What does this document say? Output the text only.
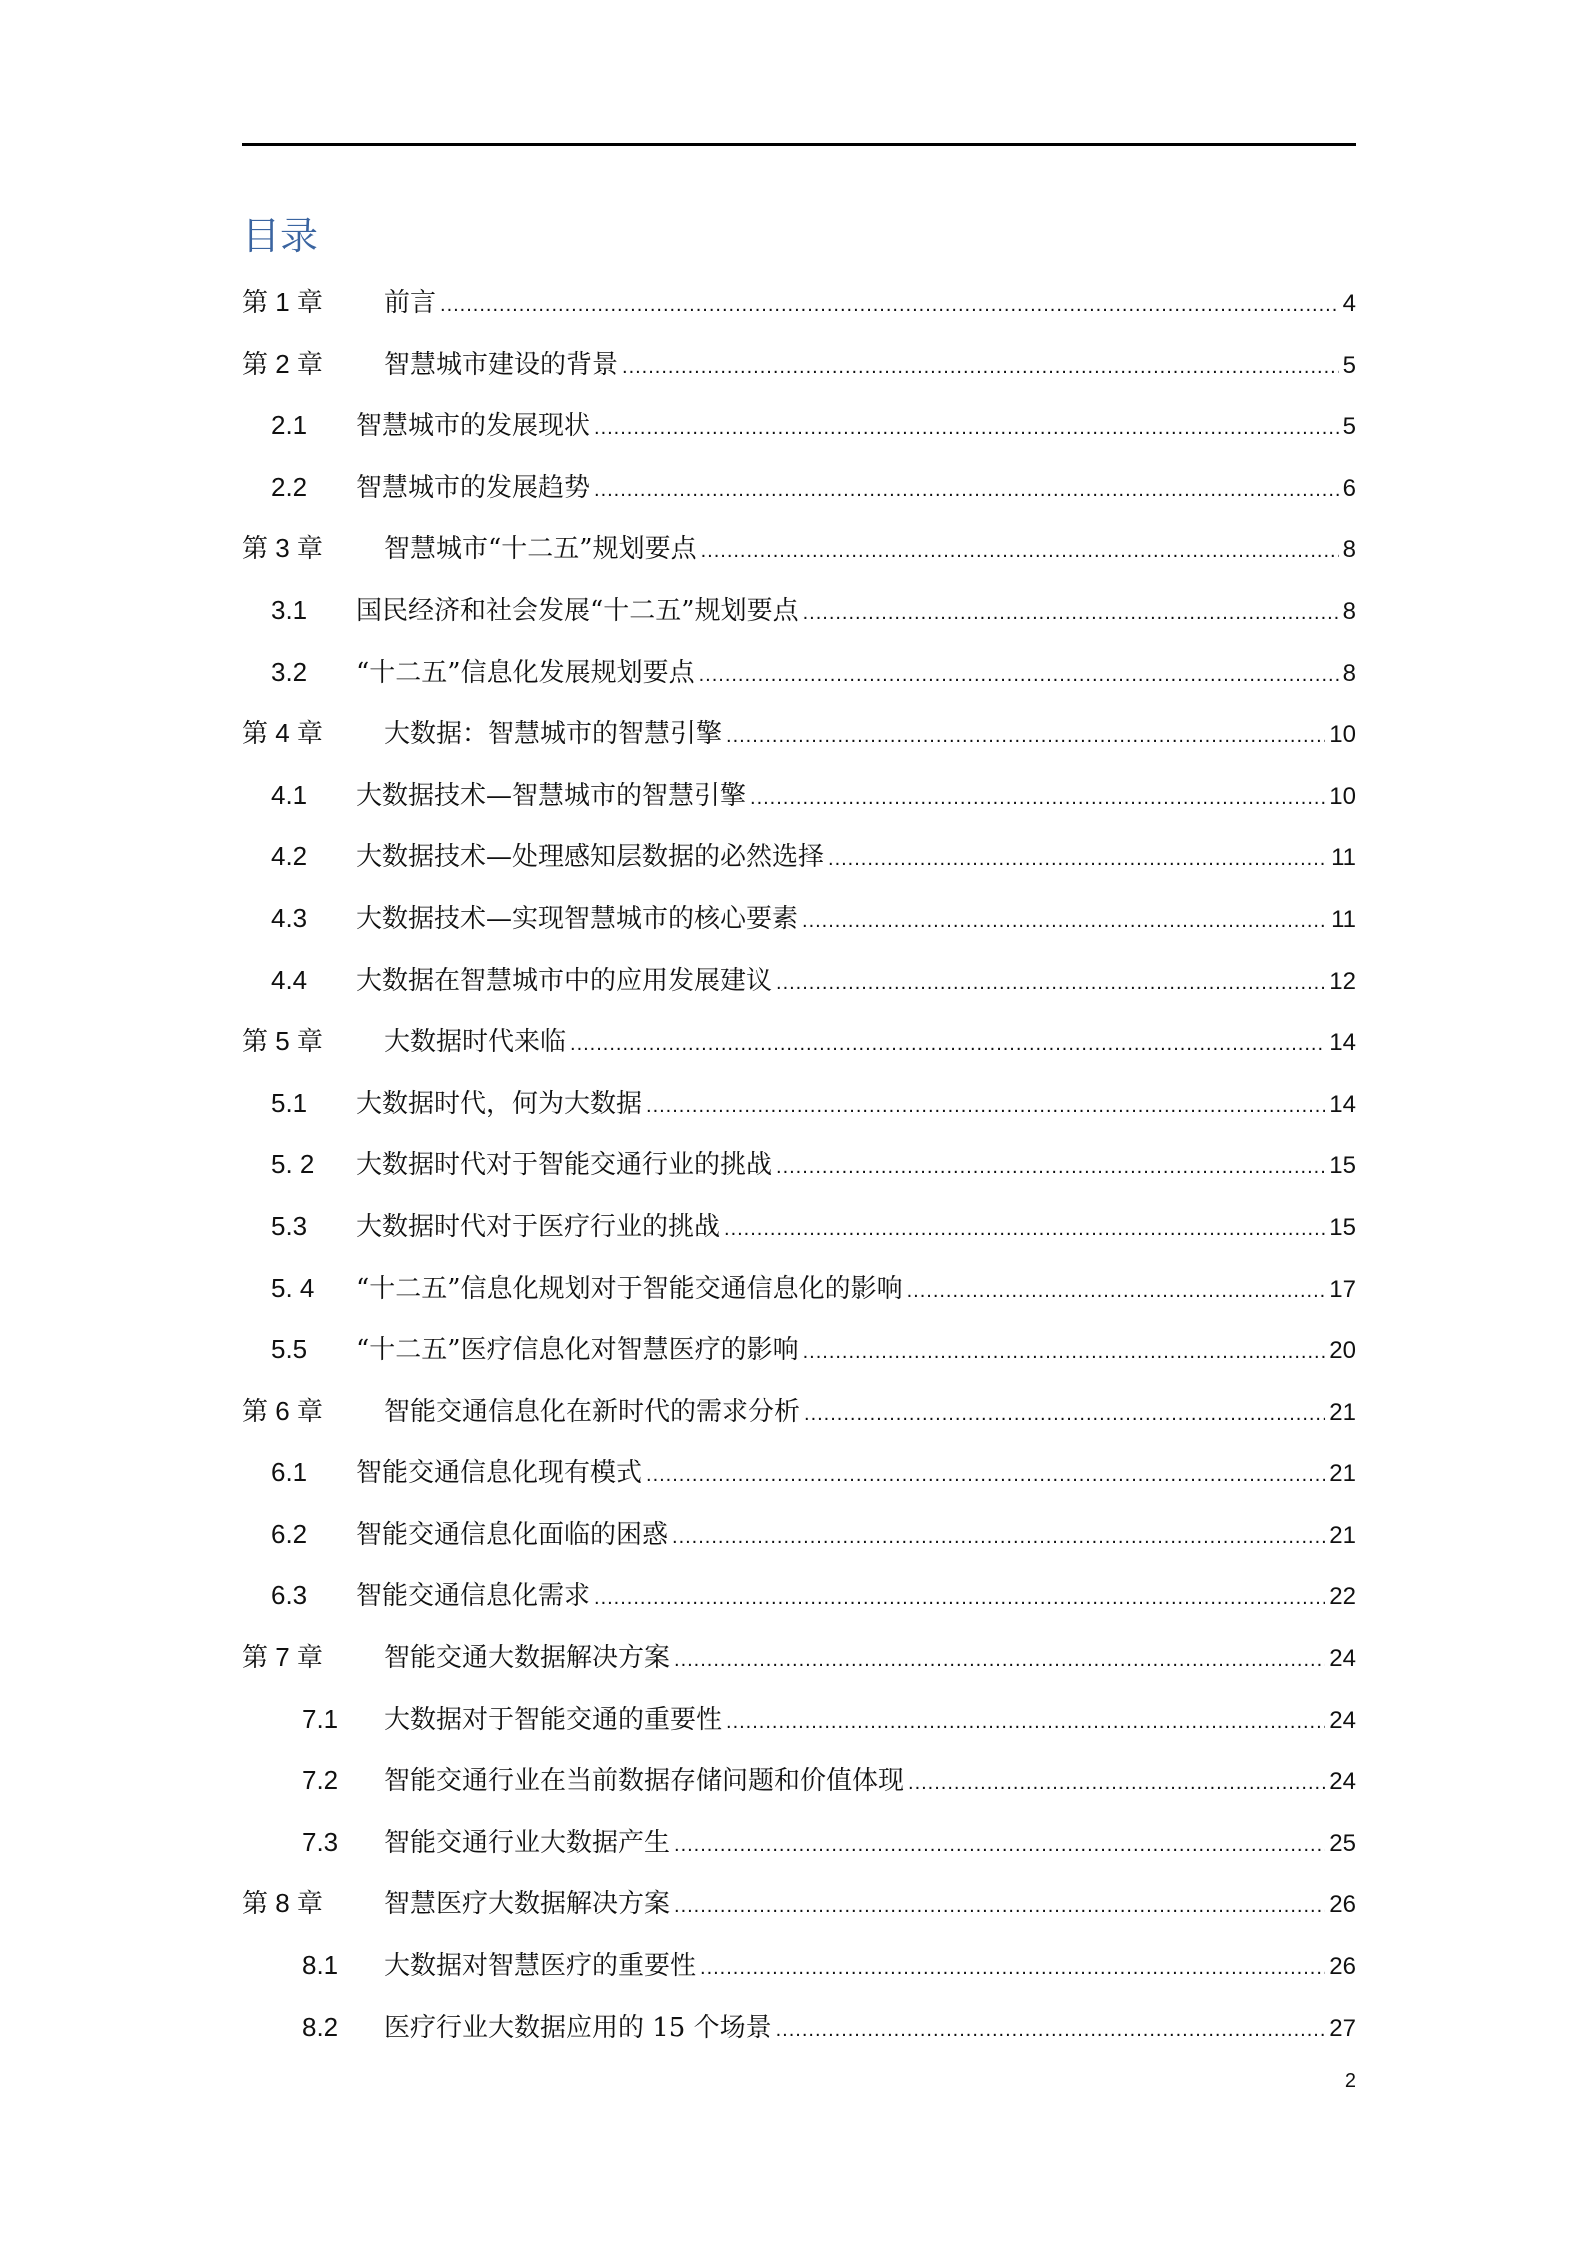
目录
第 1 章	前言 .....	4
第 2 章	智慧城市建设的背景 .....	5
2.1	智慧城市的发展现状 .....	5
2.2	智慧城市的发展趋势 .....	6
第 3 章	智慧城市“十二五”规划要点 .....	8
3.1	国民经济和社会发展“十二五”规划要点 .....	8
3.2	“十二五”信息化发展规划要点 .....	8
第 4 章	大数据：智慧城市的智慧引擎 .....	10
4.1	大数据技术—智慧城市的智慧引擎 .....	10
4.2	大数据技术—处理感知层数据的必然选择 .....	11
4.3	大数据技术—实现智慧城市的核心要素 .....	11
4.4	大数据在智慧城市中的应用发展建议 .....	12
第 5 章	大数据时代来临 .....	14
5.1	大数据时代，何为大数据 .....	14
5. 2	大数据时代对于智能交通行业的挑战 .....	15
5.3	大数据时代对于医疗行业的挑战 .....	15
5. 4	“十二五”信息化规划对于智能交通信息化的影响 .....	17
5.5	“十二五”医疗信息化对智慧医疗的影响 .....	20
第 6 章	智能交通信息化在新时代的需求分析 .....	21
6.1	智能交通信息化现有模式 .....	21
6.2	智能交通信息化面临的困惑 .....	21
6.3	智能交通信息化需求 .....	22
第 7 章	智能交通大数据解决方案 .....	24
7.1	大数据对于智能交通的重要性 .....	24
7.2	智能交通行业在当前数据存储问题和价值体现 .....	24
7.3	智能交通行业大数据产生 .....	25
第 8 章	智慧医疗大数据解决方案 .....	26
8.1	大数据对智慧医疗的重要性 .....	26
8.2	医疗行业大数据应用的 15 个场景 .....	27
2
